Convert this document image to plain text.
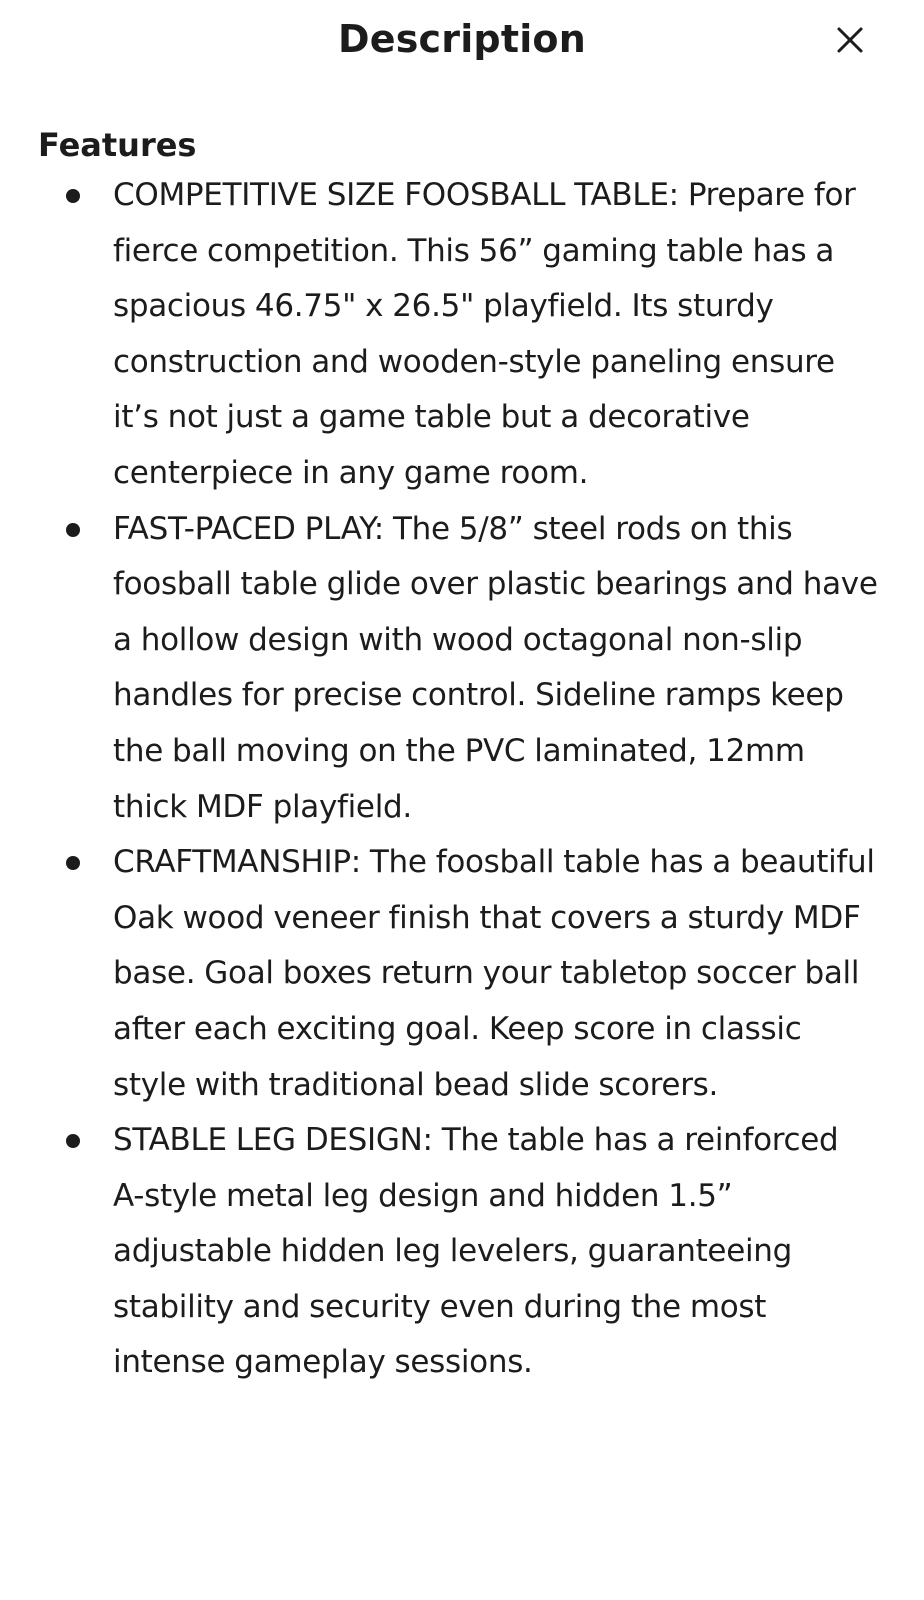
Description
Features
COMPETITIVE SIZE FOOSBALL TABLE: Prepare for fierce competition. This 56” gaming table has a spacious 46.75" x 26.5" playfield. Its sturdy construction and wooden-style paneling ensure it’s not just a game table but a decorative centerpiece in any game room.
FAST-PACED PLAY: The 5/8” steel rods on this foosball table glide over plastic bearings and have a hollow design with wood octagonal non-slip handles for precise control. Sideline ramps keep the ball moving on the PVC laminated, 12mm thick MDF playfield.
CRAFTMANSHIP: The foosball table has a beautiful Oak wood veneer finish that covers a sturdy MDF base. Goal boxes return your tabletop soccer ball after each exciting goal. Keep score in classic style with traditional bead slide scorers.
STABLE LEG DESIGN: The table has a reinforced A-style metal leg design and hidden 1.5” adjustable hidden leg levelers, guaranteeing stability and security even during the most intense gameplay sessions.
